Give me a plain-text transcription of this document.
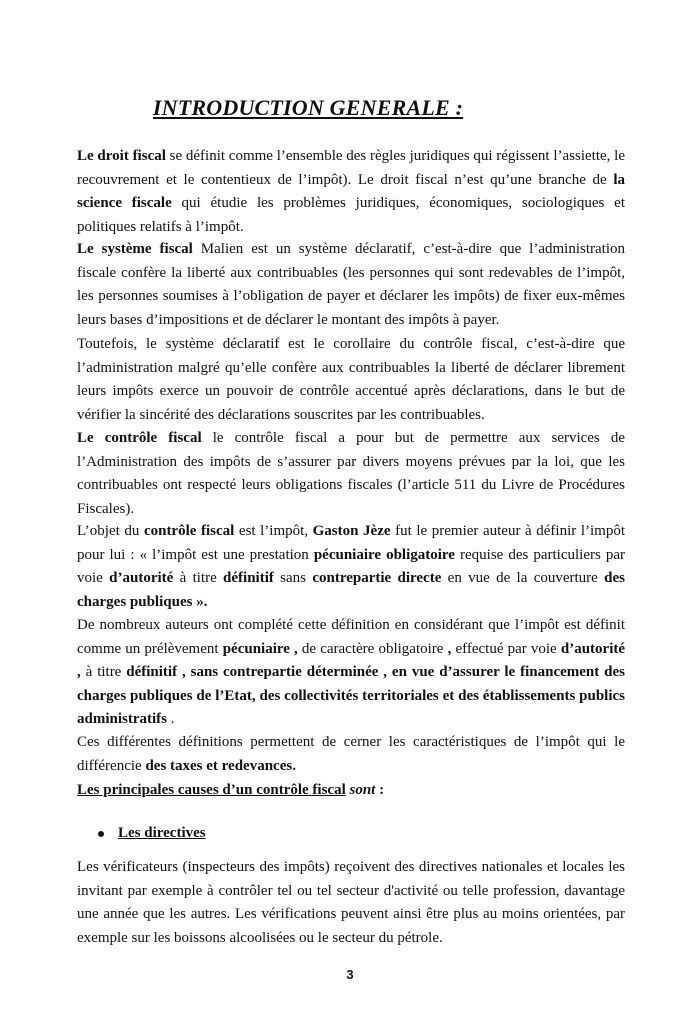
INTRODUCTION GENERALE :

Le droit fiscal se définit comme l’ensemble des règles juridiques qui régissent l’assiette, le recouvrement et le contentieux de l’impôt). Le droit fiscal n’est qu’une branche de la science fiscale qui étudie les problèmes juridiques, économiques, sociologiques et politiques relatifs à l’impôt.

Le système fiscal Malien est un système déclaratif, c’est-à-dire que l’administration fiscale confère la liberté aux contribuables (les personnes qui sont redevables de l’impôt, les personnes soumises à l’obligation de payer et déclarer les impôts) de fixer eux-mêmes leurs bases d’impositions et de déclarer le montant des impôts à payer.

Toutefois, le système déclaratif est le corollaire du contrôle fiscal, c’est-à-dire que l’administration malgré qu’elle confère aux contribuables la liberté de déclarer librement leurs impôts exerce un pouvoir de contrôle accentué après déclarations, dans le but de vérifier la sincérité des déclarations souscrites par les contribuables.

Le contrôle fiscal le contrôle fiscal a pour but de permettre aux services de l’Administration des impôts de s’assurer par divers moyens prévues par la loi, que les contribuables ont respecté leurs obligations fiscales (l’article 511 du Livre de Procédures Fiscales).

L’objet du contrôle fiscal est l’impôt, Gaston Jèze fut le premier auteur à définir l’impôt pour lui : « l’impôt est une prestation pécuniaire obligatoire requise des particuliers par voie d’autorité à titre définitif sans contrepartie directe en vue de la couverture des charges publiques ».

De nombreux auteurs ont complété cette définition en considérant que l’impôt est définit comme un prélèvement pécuniaire , de caractère obligatoire , effectué par voie d’autorité , à titre définitif , sans contrepartie déterminée , en vue d’assurer le financement des charges publiques de l’Etat, des collectivités territoriales et des établissements publics administratifs .

Ces différentes définitions permettent de cerner les caractéristiques de l’impôt qui le différencie des taxes et redevances.

Les principales causes d’un contrôle fiscal sont :

Les directives

Les vérificateurs (inspecteurs des impôts) reçoivent des directives nationales et locales les invitant par exemple à contrôler tel ou tel secteur d'activité ou telle profession, davantage une année que les autres. Les vérifications peuvent ainsi être plus au moins orientées, par exemple sur les boissons alcoolisées ou le secteur du pétrole.

3
